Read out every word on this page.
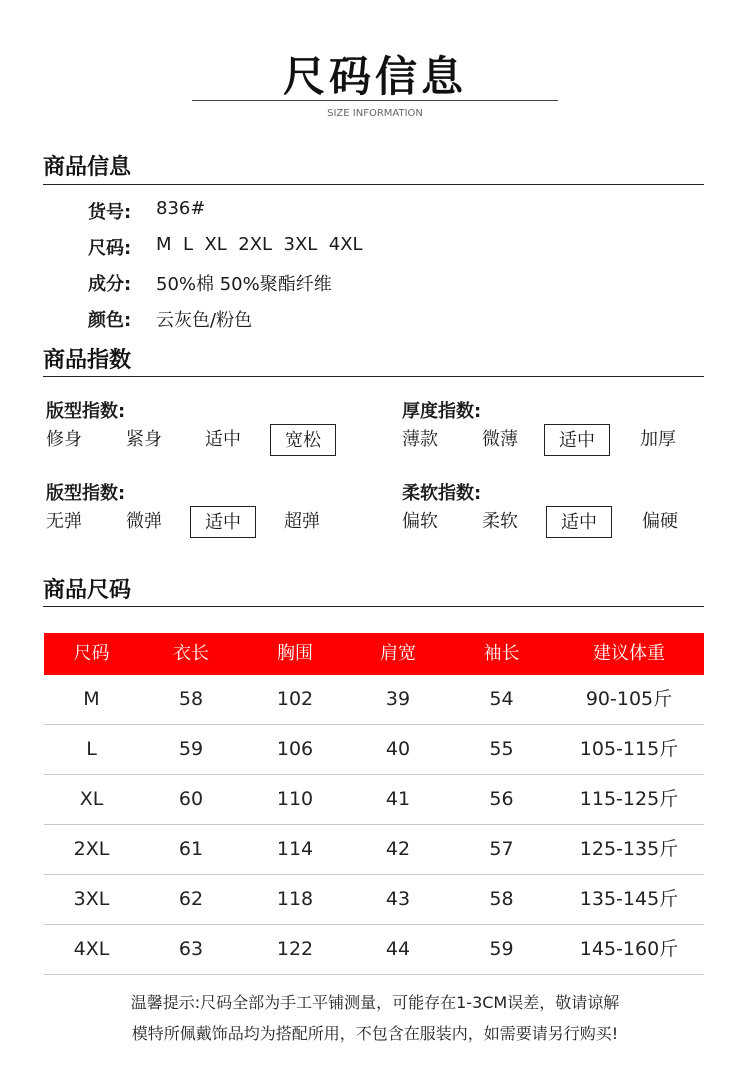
尺码信息
SIZE INFORMATION
商品信息
货号:	836#
尺码:	M  L  XL  2XL  3XL  4XL
成分:	50%棉 50%聚酯纤维
颜色:	云灰色/粉色
商品指数
版型指数:
修身	紧身	适中	宽松
厚度指数:
薄款	微薄	适中	加厚
版型指数:
无弹	微弹	适中	超弹
柔软指数:
偏软	柔软	适中	偏硬
商品尺码
尺码	衣长	胸围	肩宽	袖长	建议体重
M	58	102	39	54	90-105斤
L	59	106	40	55	105-115斤
XL	60	110	41	56	115-125斤
2XL	61	114	42	57	125-135斤
3XL	62	118	43	58	135-145斤
4XL	63	122	44	59	145-160斤
温馨提示:尺码全部为手工平铺测量，可能存在1-3CM误差，敬请谅解
模特所佩戴饰品均为搭配所用，不包含在服装内，如需要请另行购买!
